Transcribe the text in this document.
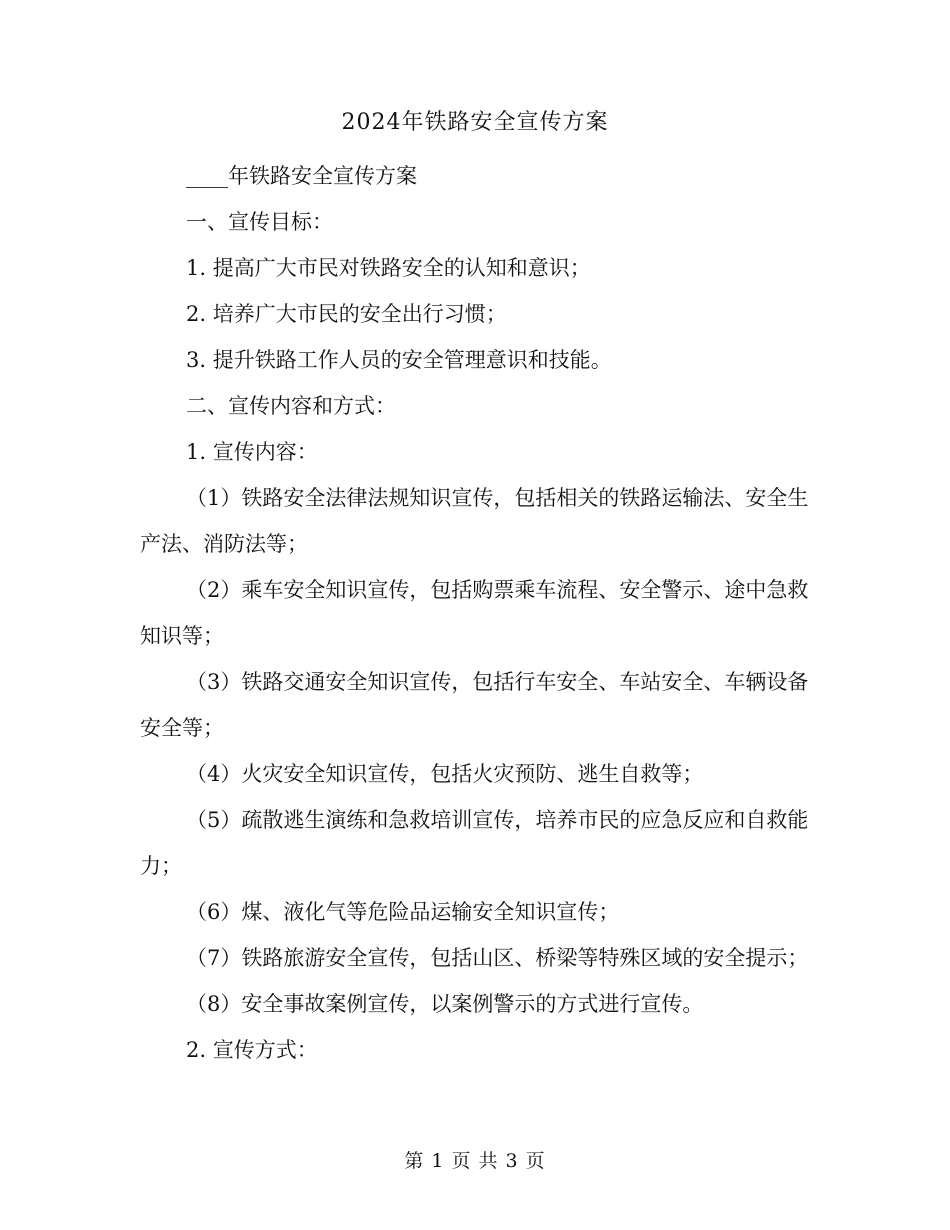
2024年铁路安全宣传方案

____年铁路安全宣传方案

一、宣传目标：

1. 提高广大市民对铁路安全的认知和意识；

2. 培养广大市民的安全出行习惯；

3. 提升铁路工作人员的安全管理意识和技能。

二、宣传内容和方式：

1. 宣传内容：

（1）铁路安全法律法规知识宣传，包括相关的铁路运输法、安全生产法、消防法等；

（2）乘车安全知识宣传，包括购票乘车流程、安全警示、途中急救知识等；

（3）铁路交通安全知识宣传，包括行车安全、车站安全、车辆设备安全等；

（4）火灾安全知识宣传，包括火灾预防、逃生自救等；

（5）疏散逃生演练和急救培训宣传，培养市民的应急反应和自救能力；

（6）煤、液化气等危险品运输安全知识宣传；

（7）铁路旅游安全宣传，包括山区、桥梁等特殊区域的安全提示；

（8）安全事故案例宣传，以案例警示的方式进行宣传。

2. 宣传方式：

第 1 页 共 3 页
